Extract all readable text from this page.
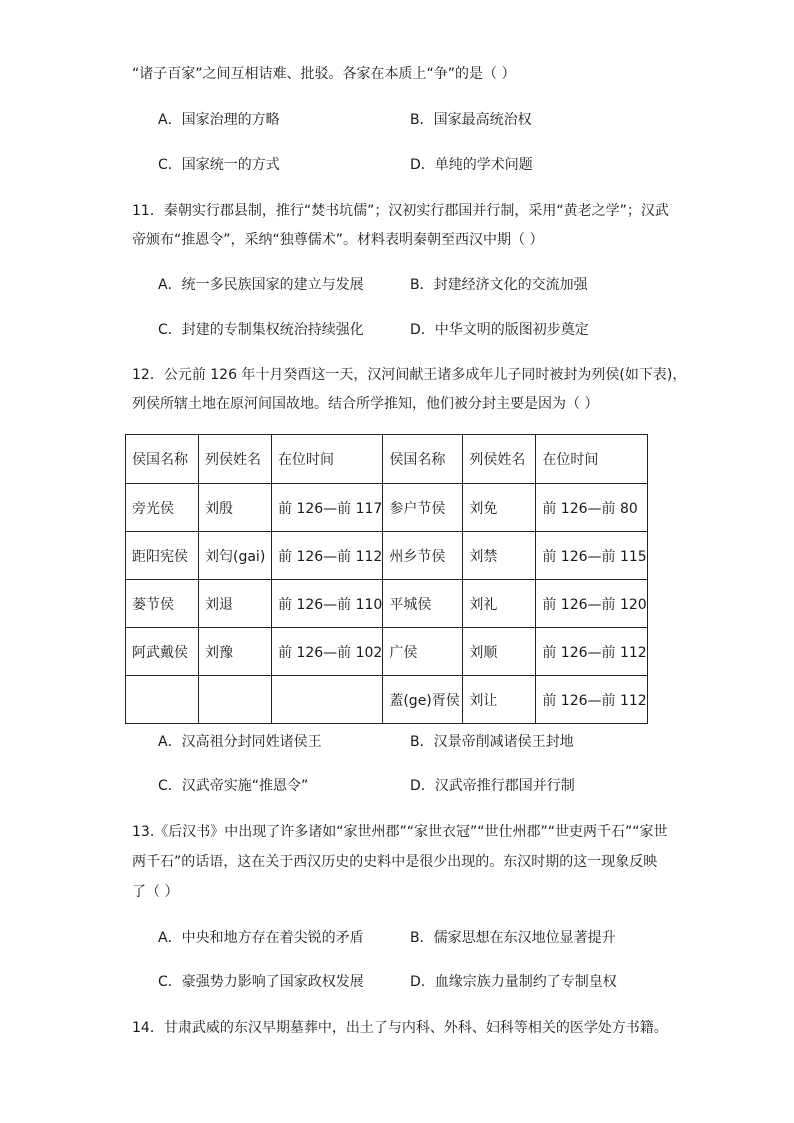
“诸子百家”之间互相诘难、批驳。各家在本质上“争”的是（ ）
A．国家治理的方略	B．国家最高统治权
C．国家统一的方式	D．单纯的学术问题
11．秦朝实行郡县制，推行“焚书坑儒”；汉初实行郡国并行制，采用“黄老之学”；汉武
帝颁布“推恩令”，采纳“独尊儒术”。材料表明秦朝至西汉中期（ ）
A．统一多民族国家的建立与发展	B．封建经济文化的交流加强
C．封建的专制集权统治持续强化	D．中华文明的版图初步奠定
12．公元前 126 年十月癸酉这一天，汉河间献王诸多成年儿子同时被封为列侯(如下表)，
列侯所辖土地在原河间国故地。结合所学推知，他们被分封主要是因为（ ）
侯国名称	列侯姓名	在位时间	侯国名称	列侯姓名	在位时间
旁光侯	刘殷	前 126—前 117	参户节侯	刘免	前 126—前 80
距阳宪侯	刘匄(gai)	前 126—前 112	州乡节侯	刘禁	前 126—前 115
蒌节侯	刘退	前 126—前 110	平城侯	刘礼	前 126—前 120
阿武戴侯	刘豫	前 126—前 102	广侯	刘顺	前 126—前 112
			蓋(ge)胥侯	刘让	前 126—前 112
A．汉高祖分封同姓诸侯王	B．汉景帝削减诸侯王封地
C．汉武帝实施“推恩令”	D．汉武帝推行郡国并行制
13.《后汉书》中出现了许多诸如“家世州郡”“家世衣冠”“世仕州郡”“世吏两千石”“家世
两千石”的话语，这在关于西汉历史的史料中是很少出现的。东汉时期的这一现象反映
了（ ）
A．中央和地方存在着尖锐的矛盾	B．儒家思想在东汉地位显著提升
C．豪强势力影响了国家政权发展	D．血缘宗族力量制约了专制皇权
14．甘肃武威的东汉早期墓葬中，出土了与内科、外科、妇科等相关的医学处方书籍。
